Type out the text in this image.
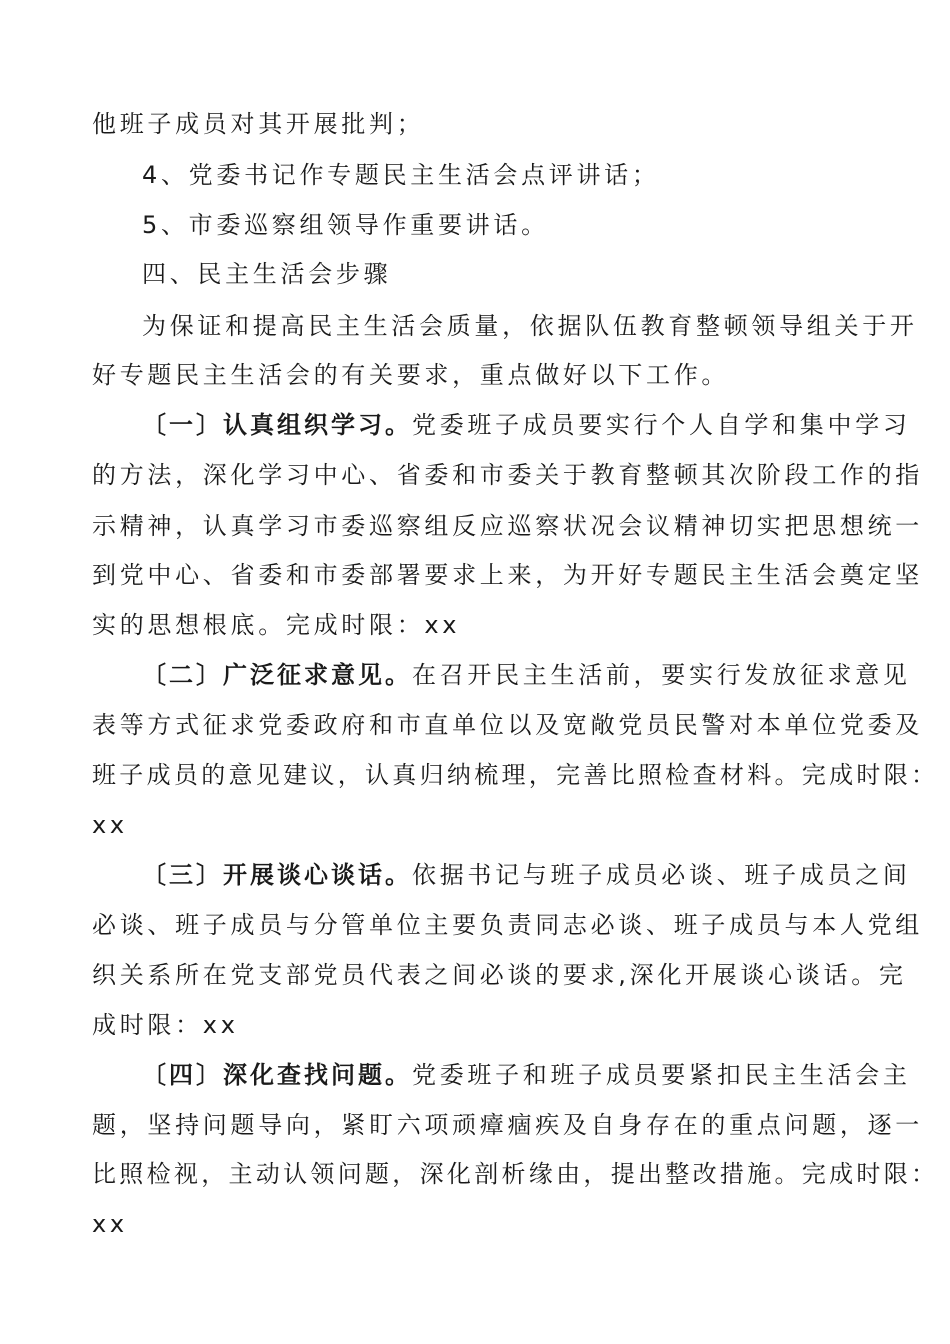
他班子成员对其开展批判；
4、党委书记作专题民主生活会点评讲话；
5、市委巡察组领导作重要讲话。
四、民主生活会步骤
为保证和提高民主生活会质量，依据队伍教育整顿领导组关于开
好专题民主生活会的有关要求，重点做好以下工作。
〔一〕认真组织学习。党委班子成员要实行个人自学和集中学习
的方法，深化学习中心、省委和市委关于教育整顿其次阶段工作的指
示精神，认真学习市委巡察组反应巡察状况会议精神切实把思想统一
到党中心、省委和市委部署要求上来，为开好专题民主生活会奠定坚
实的思想根底。完成时限：xx
〔二〕广泛征求意见。在召开民主生活前，要实行发放征求意见
表等方式征求党委政府和市直单位以及宽敞党员民警对本单位党委及
班子成员的意见建议，认真归纳梳理，完善比照检查材料。完成时限：
xx
〔三〕开展谈心谈话。依据书记与班子成员必谈、班子成员之间
必谈、班子成员与分管单位主要负责同志必谈、班子成员与本人党组
织关系所在党支部党员代表之间必谈的要求,深化开展谈心谈话。完
成时限：xx
〔四〕深化查找问题。党委班子和班子成员要紧扣民主生活会主
题，坚持问题导向，紧盯六项顽瘴痼疾及自身存在的重点问题，逐一
比照检视，主动认领问题，深化剖析缘由，提出整改措施。完成时限：
xx
